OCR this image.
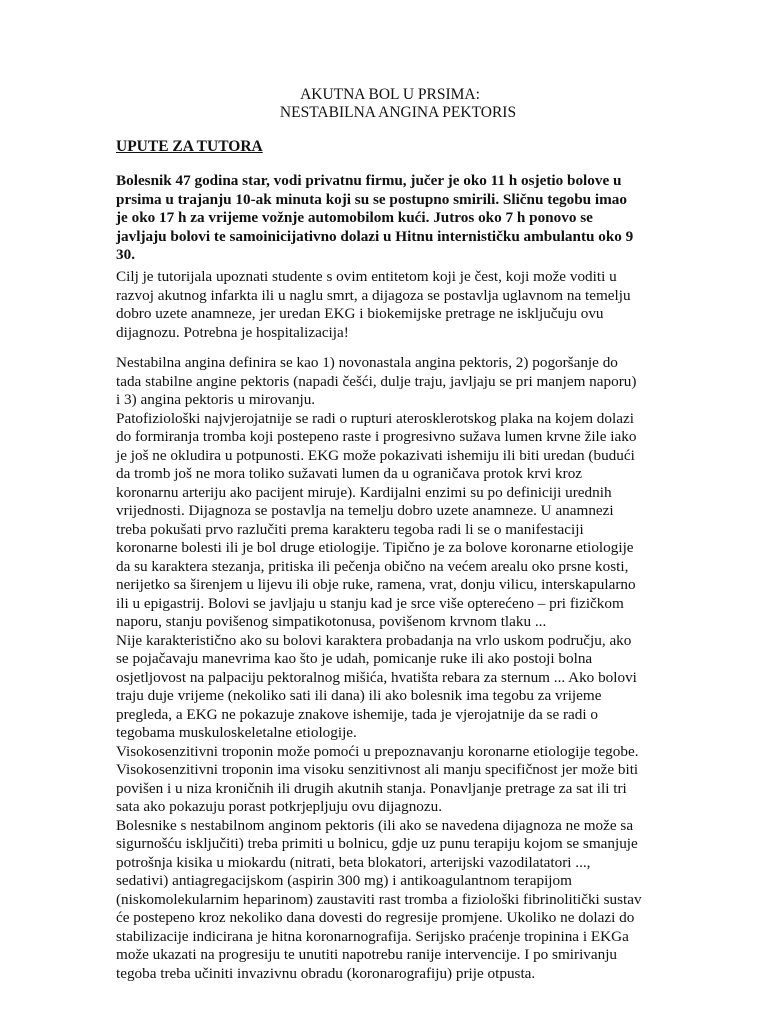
AKUTNA BOL U PRSIMA:
NESTABILNA ANGINA PEKTORIS
UPUTE ZA TUTORA
Bolesnik 47 godina star, vodi privatnu firmu, jučer je oko 11 h osjetio bolove u
prsima u trajanju 10-ak minuta koji su se postupno smirili. Sličnu tegobu imao
je oko 17 h za vrijeme vožnje automobilom kući. Jutros oko 7 h ponovo se
javljaju bolovi te samoinicijativno dolazi u Hitnu internističku ambulantu oko 9
30.
Cilj je tutorijala upoznati studente s ovim entitetom koji je čest, koji može voditi u
razvoj akutnog infarkta ili u naglu smrt, a dijagoza se postavlja uglavnom na temelju
dobro uzete anamneze, jer uredan EKG i biokemijske pretrage ne isključuju ovu
dijagnozu. Potrebna je hospitalizacija!
Nestabilna angina definira se kao 1) novonastala angina pektoris, 2) pogoršanje do
tada stabilne angine pektoris (napadi češći, dulje traju, javljaju se pri manjem naporu)
i 3) angina pektoris u mirovanju.
Patofiziološki najvjerojatnije se radi o rupturi aterosklerotskog plaka na kojem dolazi
do formiranja tromba koji postepeno raste i progresivno sužava lumen krvne žile iako
je još ne okludira u potpunosti. EKG može pokazivati ishemiju ili biti uredan (budući
da tromb još ne mora toliko sužavati lumen da u ograničava protok krvi kroz
koronarnu arteriju ako pacijent miruje). Kardijalni enzimi su po definiciji urednih
vrijednosti. Dijagnoza se postavlja na temelju dobro uzete anamneze. U anamnezi
treba pokušati prvo razlučiti prema karakteru tegoba radi li se o manifestaciji
koronarne bolesti ili je bol druge etiologije. Tipično je za bolove koronarne etiologije
da su karaktera stezanja, pritiska ili pečenja obično na većem arealu oko prsne kosti,
nerijetko sa širenjem u lijevu ili obje ruke, ramena, vrat, donju vilicu, interskapularno
ili u epigastrij. Bolovi se javljaju u stanju kad je srce više opterećeno – pri fizičkom
naporu, stanju povišenog simpatikotonusa, povišenom krvnom tlaku ...
Nije karakteristično ako su bolovi karaktera probadanja na vrlo uskom području, ako
se pojačavaju manevrima kao što je udah, pomicanje ruke ili ako postoji bolna
osjetljovost na palpaciju pektoralnog mišića, hvatišta rebara za sternum ... Ako bolovi
traju duje vrijeme (nekoliko sati ili dana) ili ako bolesnik ima tegobu za vrijeme
pregleda, a EKG ne pokazuje znakove ishemije, tada je vjerojatnije da se radi o
tegobama muskuloskeletalne etiologije.
Visokosenzitivni troponin može pomoći u prepoznavanju koronarne etiologije tegobe.
Visokosenzitivni troponin ima visoku senzitivnost ali manju specifičnost jer može biti
povišen i u niza kroničnih ili drugih akutnih stanja. Ponavljanje pretrage za sat ili tri
sata ako pokazuju porast potkrjepljuju ovu dijagnozu.
Bolesnike s nestabilnom anginom pektoris (ili ako se navedena dijagnoza ne može sa
sigurnošću isključiti) treba primiti u bolnicu, gdje uz punu terapiju kojom se smanjuje
potrošnja kisika u miokardu (nitrati, beta blokatori, arterijski vazodilatatori ...,
sedativi) antiagregacijskom (aspirin 300 mg) i antikoagulantnom terapijom
(niskomolekularnim heparinom) zaustaviti rast tromba a fiziološki fibrinolitički sustav
će postepeno kroz nekoliko dana dovesti do regresije promjene. Ukoliko ne dolazi do
stabilizacije indicirana je hitna koronarnografija. Serijsko praćenje tropinina i EKGa
može ukazati na progresiju te unutiti napotrebu ranije intervencije. I po smirivanju
tegoba treba učiniti invazivnu obradu (koronarografiju) prije otpusta.
